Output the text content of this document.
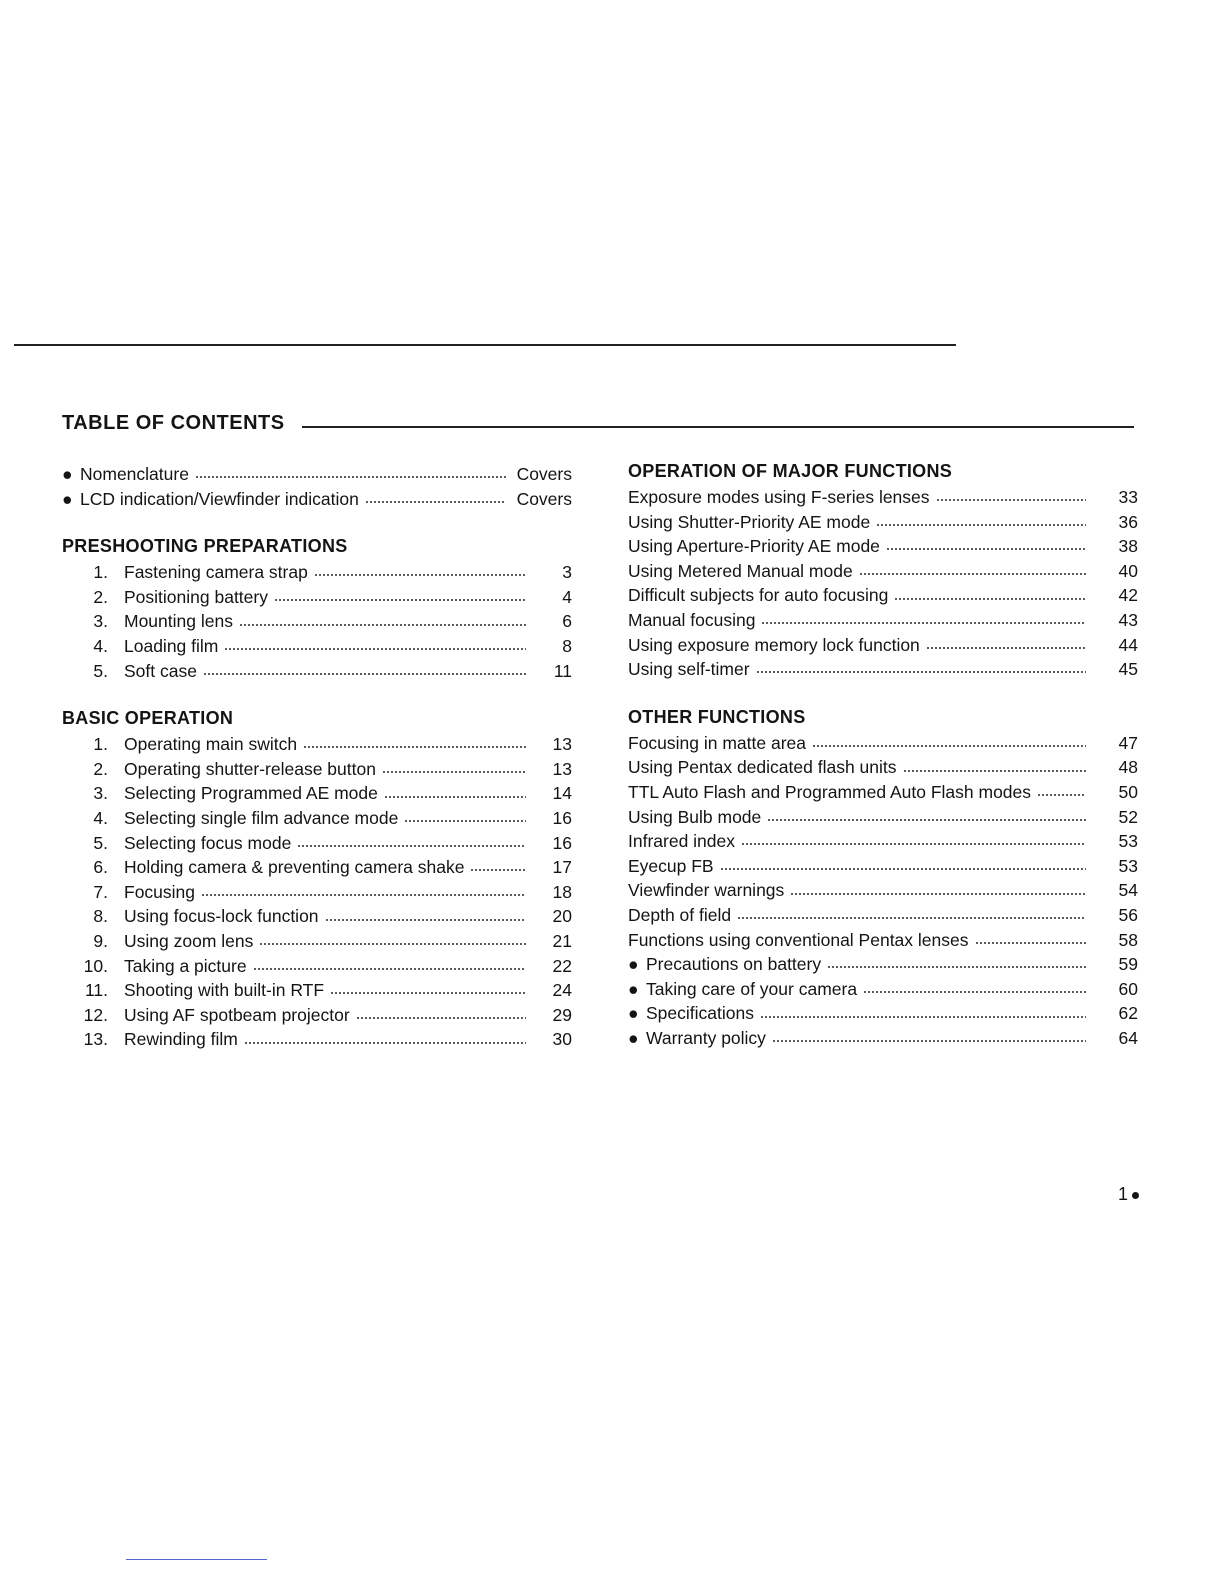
TABLE OF CONTENTS
● Nomenclature	Covers
● LCD indication/Viewfinder indication	Covers
PRESHOOTING PREPARATIONS
1. Fastening camera strap	3
2. Positioning battery	4
3. Mounting lens	6
4. Loading film	8
5. Soft case	11
BASIC OPERATION
1. Operating main switch	13
2. Operating shutter-release button	13
3. Selecting Programmed AE mode	14
4. Selecting single film advance mode	16
5. Selecting focus mode	16
6. Holding camera & preventing camera shake	17
7. Focusing	18
8. Using focus-lock function	20
9. Using zoom lens	21
10. Taking a picture	22
11. Shooting with built-in RTF	24
12. Using AF spotbeam projector	29
13. Rewinding film	30
OPERATION OF MAJOR FUNCTIONS
Exposure modes using F-series lenses	33
Using Shutter-Priority AE mode	36
Using Aperture-Priority AE mode	38
Using Metered Manual mode	40
Difficult subjects for auto focusing	42
Manual focusing	43
Using exposure memory lock function	44
Using self-timer	45
OTHER FUNCTIONS
Focusing in matte area	47
Using Pentax dedicated flash units	48
TTL Auto Flash and Programmed Auto Flash modes	50
Using Bulb mode	52
Infrared index	53
Eyecup FB	53
Viewfinder warnings	54
Depth of field	56
Functions using conventional Pentax lenses	58
● Precautions on battery	59
● Taking care of your camera	60
● Specifications	62
● Warranty policy	64
1
